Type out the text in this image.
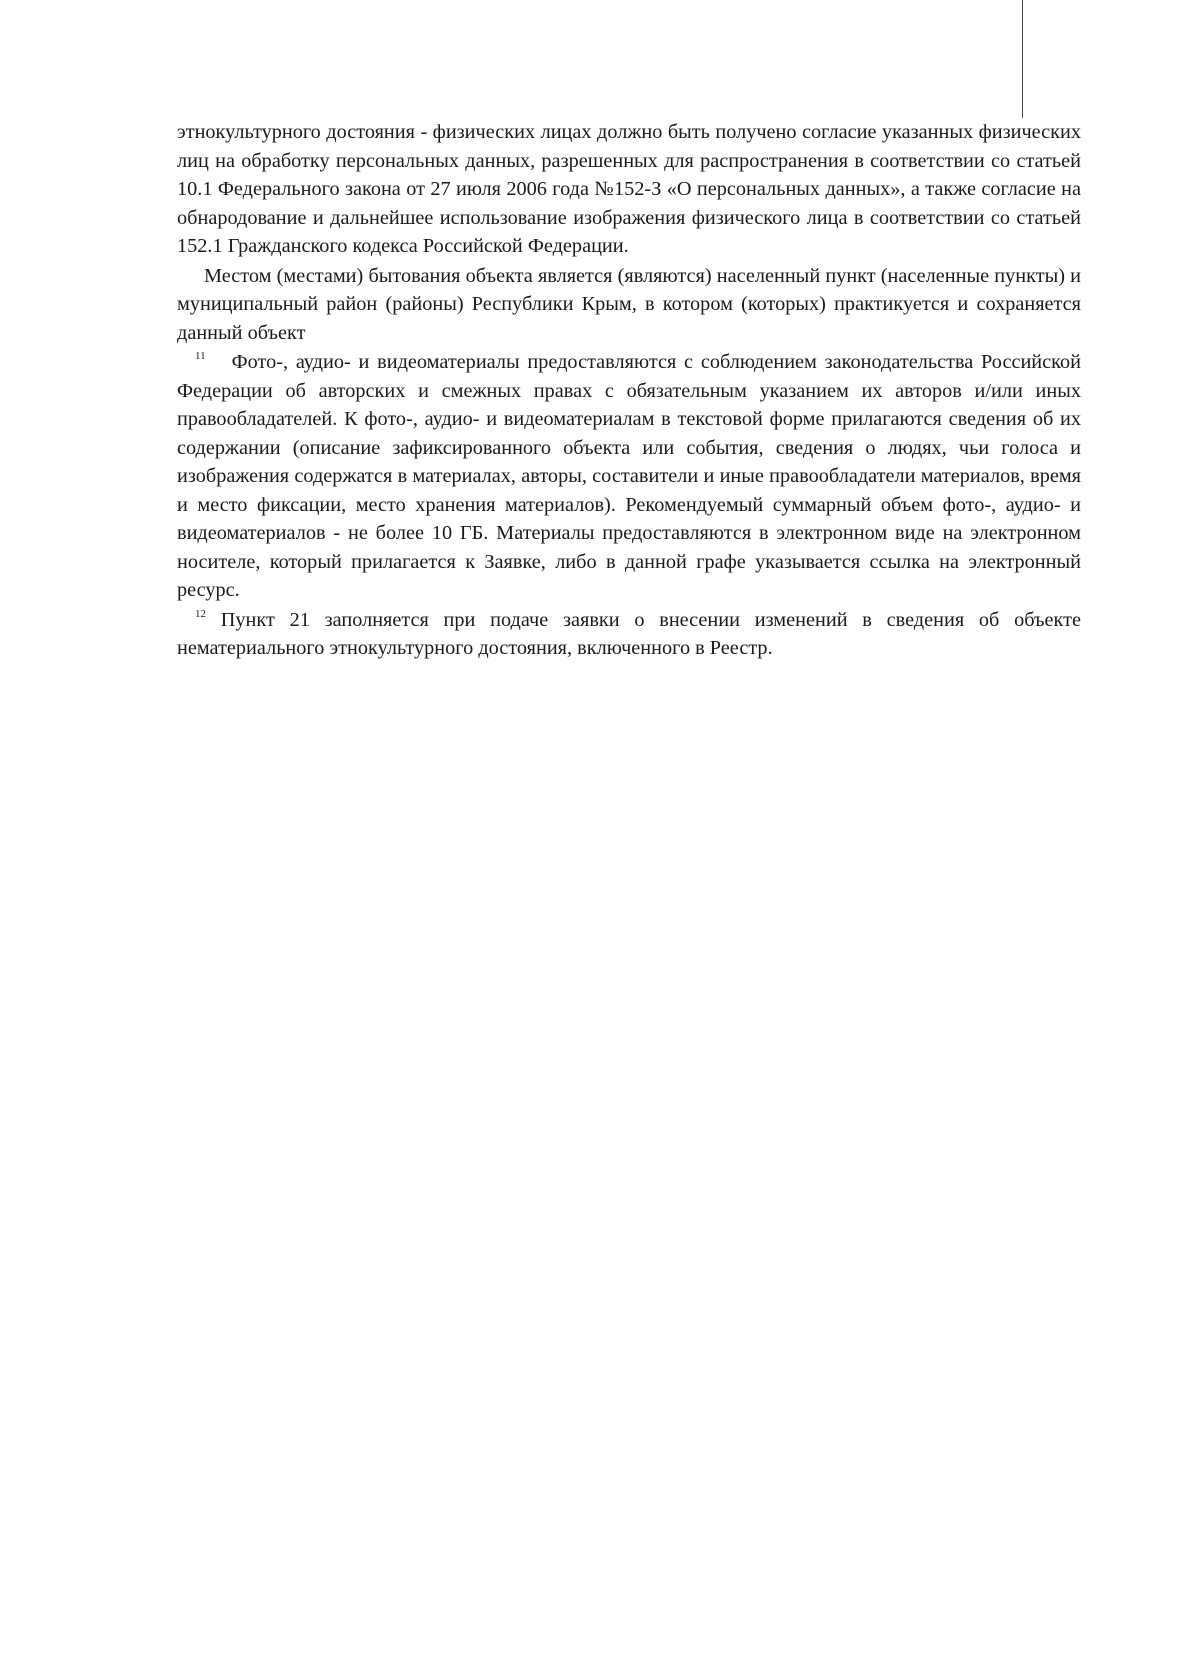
этнокультурного достояния - физических лицах должно быть получено согласие указанных физических лиц на обработку персональных данных, разрешенных для распространения в соответствии со статьей 10.1 Федерального закона от 27 июля 2006 года №152-З «О персональных данных», а также согласие на обнародование и дальнейшее использование изображения физического лица в соответствии со статьей 152.1 Гражданского кодекса Российской Федерации.

Местом (местами) бытования объекта является (являются) населенный пункт (населенные пункты) и муниципальный район (районы) Республики Крым, в котором (которых) практикуется и сохраняется данный объект

$^{11}$ Фото-, аудио- и видеоматериалы предоставляются с соблюдением законодательства Российской Федерации об авторских и смежных правах с обязательным указанием их авторов и/или иных правообладателей. К фото-, аудио- и видеоматериалам в текстовой форме прилагаются сведения об их содержании (описание зафиксированного объекта или события, сведения о людях, чьи голоса и изображения содержатся в материалах, авторы, составители и иные правообладатели материалов, время и место фиксации, место хранения материалов). Рекомендуемый суммарный объем фото-, аудио- и видеоматериалов - не более 10 ГБ. Материалы предоставляются в электронном виде на электронном носителе, который прилагается к Заявке, либо в данной графе указывается ссылка на электронный ресурс.

$^{12}$ Пункт 21 заполняется при подаче заявки о внесении изменений в сведения об объекте нематериального этнокультурного достояния, включенного в Реестр.
